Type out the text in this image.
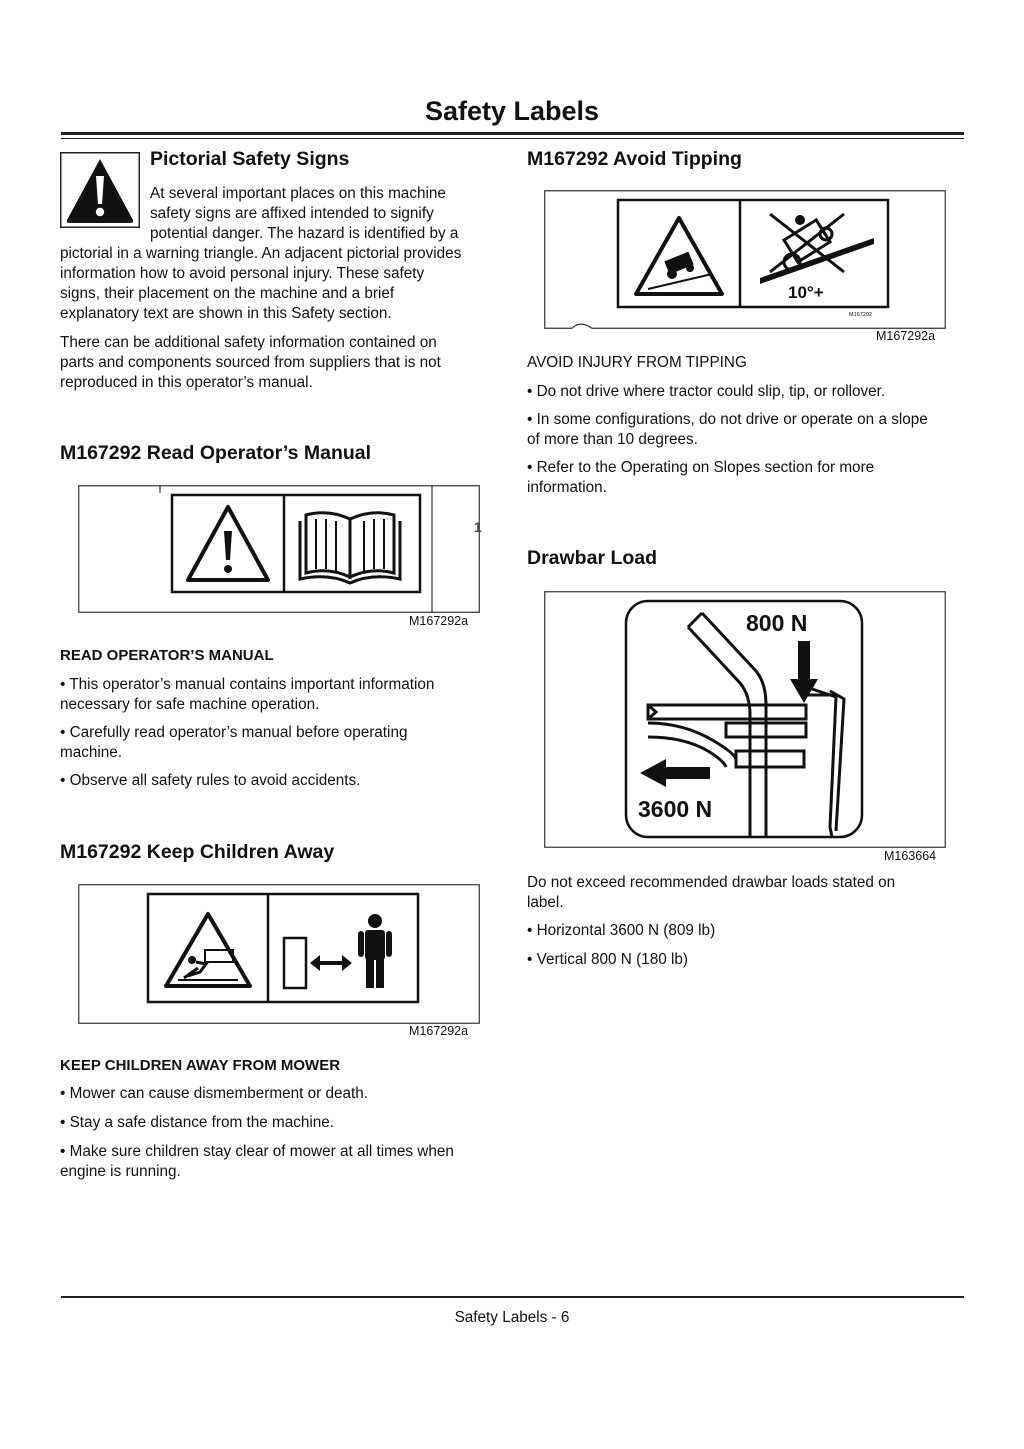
Safety Labels
Pictorial Safety Signs
At several important places on this machine
safety signs are affixed intended to signify
potential danger. The hazard is identified by a
pictorial in a warning triangle. An adjacent pictorial provides
information how to avoid personal injury. These safety
signs, their placement on the machine and a brief
explanatory text are shown in this Safety section.
There can be additional safety information contained on
parts and components sourced from suppliers that is not
reproduced in this operator’s manual.
M167292 Read Operator’s Manual
1
M167292a
READ OPERATOR’S MANUAL
• This operator’s manual contains important information
necessary for safe machine operation.
• Carefully read operator’s manual before operating
machine.
• Observe all safety rules to avoid accidents.
M167292 Keep Children Away
M167292a
KEEP CHILDREN AWAY FROM MOWER
• Mower can cause dismemberment or death.
• Stay a safe distance from the machine.
• Make sure children stay clear of mower at all times when
engine is running.
M167292 Avoid Tipping
10°+
M167292
M167292a
AVOID INJURY FROM TIPPING
• Do not drive where tractor could slip, tip, or rollover.
• In some configurations, do not drive or operate on a slope
of more than 10 degrees.
• Refer to the Operating on Slopes section for more
information.
Drawbar Load
800 N
3600 N
M163664
Do not exceed recommended drawbar loads stated on
label.
• Horizontal 3600 N (809 lb)
• Vertical 800 N (180 lb)
Safety Labels - 6
